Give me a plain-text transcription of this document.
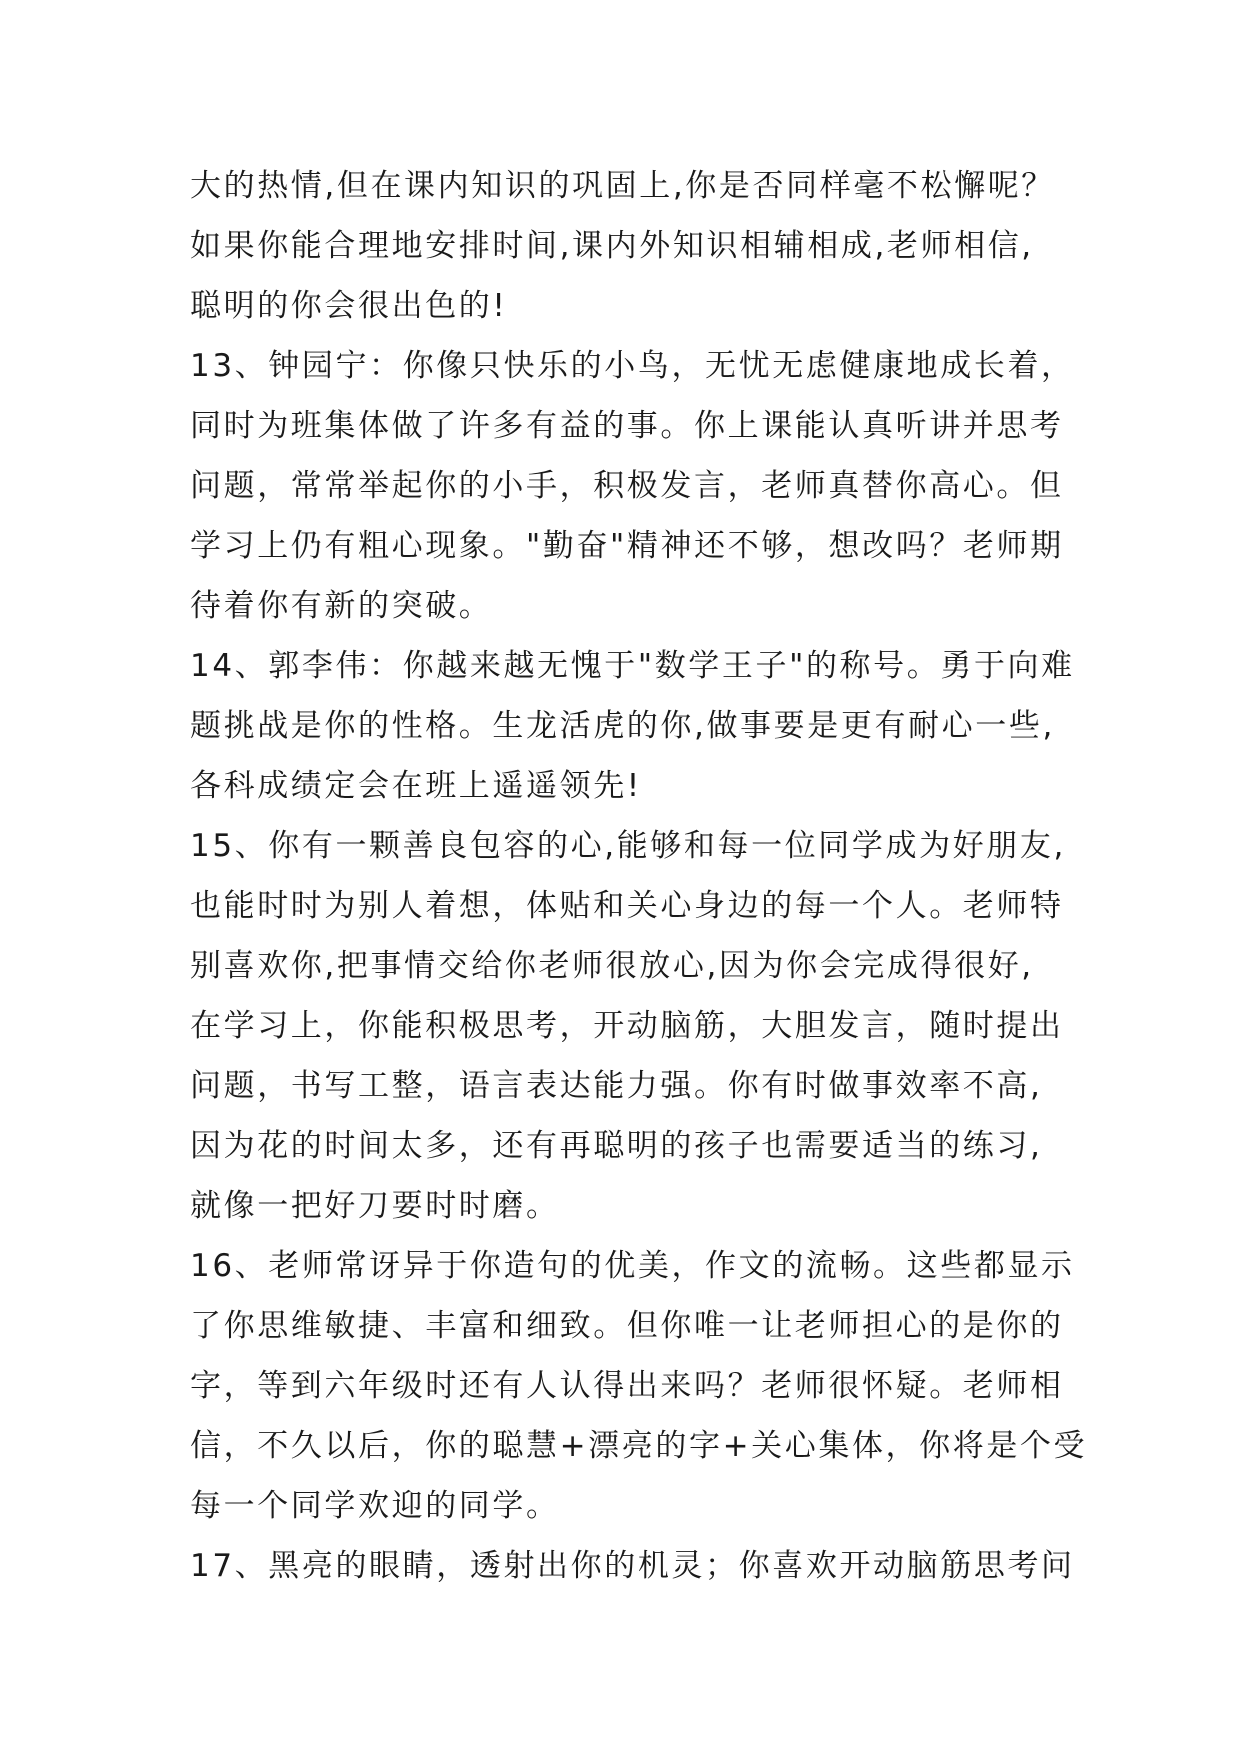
大的热情,但在课内知识的巩固上,你是否同样毫不松懈呢？
如果你能合理地安排时间,课内外知识相辅相成,老师相信,
聪明的你会很出色的!
13、钟园宁：你像只快乐的小鸟，无忧无虑健康地成长着，
同时为班集体做了许多有益的事。你上课能认真听讲并思考
问题，常常举起你的小手，积极发言，老师真替你高心。但
学习上仍有粗心现象。"勤奋"精神还不够，想改吗？老师期
待着你有新的突破。
14、郭李伟：你越来越无愧于"数学王子"的称号。勇于向难
题挑战是你的性格。生龙活虎的你,做事要是更有耐心一些,
各科成绩定会在班上遥遥领先!
15、你有一颗善良包容的心,能够和每一位同学成为好朋友,
也能时时为别人着想，体贴和关心身边的每一个人。老师特
别喜欢你,把事情交给你老师很放心,因为你会完成得很好,
在学习上，你能积极思考，开动脑筋，大胆发言，随时提出
问题，书写工整，语言表达能力强。你有时做事效率不高,
因为花的时间太多，还有再聪明的孩子也需要适当的练习,
就像一把好刀要时时磨。
16、老师常讶异于你造句的优美，作文的流畅。这些都显示
了你思维敏捷、丰富和细致。但你唯一让老师担心的是你的
字，等到六年级时还有人认得出来吗？老师很怀疑。老师相
信，不久以后，你的聪慧+漂亮的字+关心集体，你将是个受
每一个同学欢迎的同学。
17、黑亮的眼睛，透射出你的机灵；你喜欢开动脑筋思考问
